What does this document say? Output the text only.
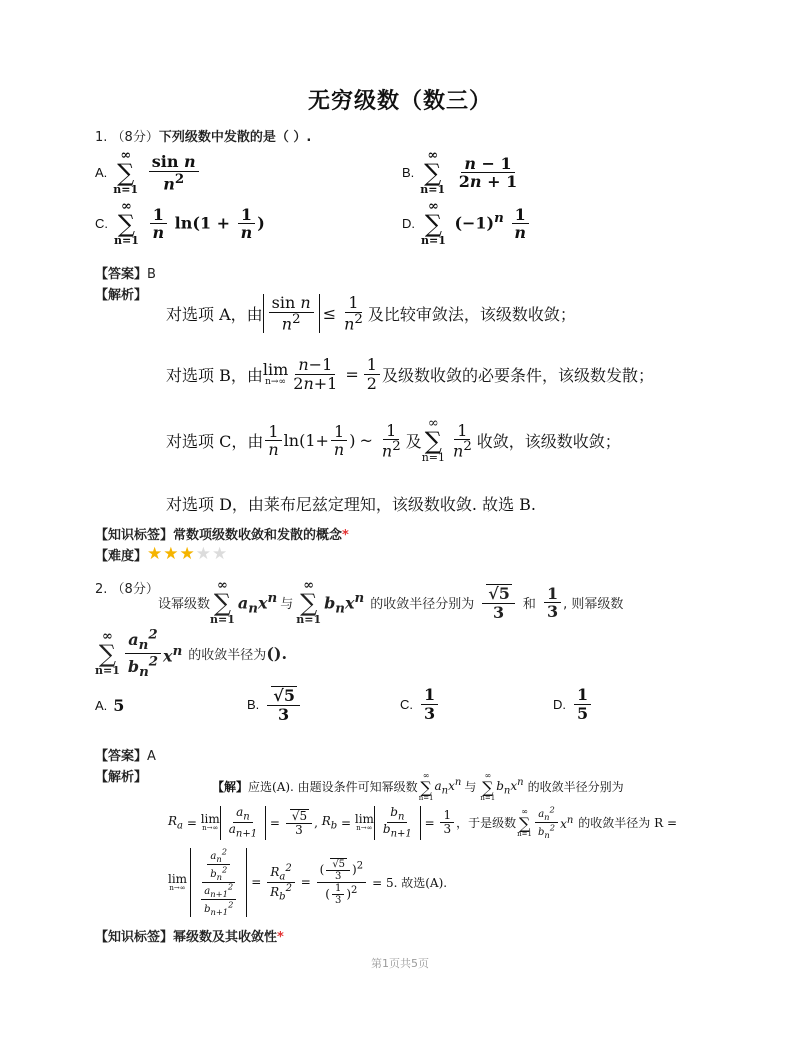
无穷级数（数三）
1. （8分）下列级数中发散的是（ ）.
A.
∞
∑
n=1
$\frac{\text{sin n}}{n^2}$	B.
∞
∑
n=1
$\frac{n - 1}{2n + 1}$
C.
∞
∑
n=1
$\frac{1}{n} \ln(1 + \frac{1}{n}$ )	D.
∞
∑
n=1
$(-1)^n \frac{1}{n}$
【答案】B
【解析】
对选项 A，由 $\frac{\text{sin n}}{n^2} \le \frac{1}{n^2}$ 及比较审敛法，该级数收敛；
对选项 B，由 lim
$n\to\infty \frac{n-1}{2n+1} = \frac{1}{2}$ 及级数收敛的必要条件，该级数发散；
对选项 C，由 $\frac{1}{n} \ln(1+ \frac{1}{n}$ ) ~ $\frac{1}{n^2}$ 及
∞
∑
$n=1 \frac{1}{n^2}$ 收敛，该级数收敛；
对选项 D，由莱布尼兹定理知，该级数收敛. 故选 B.
【知识标签】常数项级数收敛和发散的概念*
【难度】 ★★★★★
2. （8分）
设幂级数
∞
∑
n=1
$a_nx^n$ 与
∞
∑
n=1
$b_nx^n$ 的收敛半径分别为 $\frac{√5}{3}$ 和 $\frac{1}{3}$ , 则幂级数
∞
∑
$n=1 \frac{a_n^2}{b_n^2} x^n$ 的收敛半径为 ().
A. 5	B. $\frac{√5}{3}$	C. $\frac{1}{3}$	D. $\frac{1}{5}$
【答案】A
【解析】
【解】 应选(A). 由题设条件可知幂级数
∞
∑
n=1
$a_nx^n$ 与
∞
∑
n=1
$b_nx^n$ 的收敛半径分别为
$R_a = \lim$
$n\to\infty \frac{a_n}{a_{n+1}} = \frac{√5}{3}$ , $R_b = \lim$
$n\to\infty \frac{b_n}{b_{n+1}} = \frac{1}{3}$ ，于是级数
∞
∑
$n=1 \frac{a_n^2}{b_n^2} x^n$ 的收敛半径为 R =
lim
$n\to\infty \frac{\frac{a_n^2}{b_n^2}}{\frac{a_{n+1}^2}{b_{n+1}^2}} = \frac{R_a^2}{R_b^2} = \frac{( \frac{√5}{3} )^2}{( \frac{1}{3} )^2} = 5$. 故选(A).
【知识标签】幂级数及其收敛性*
第1页共5页
